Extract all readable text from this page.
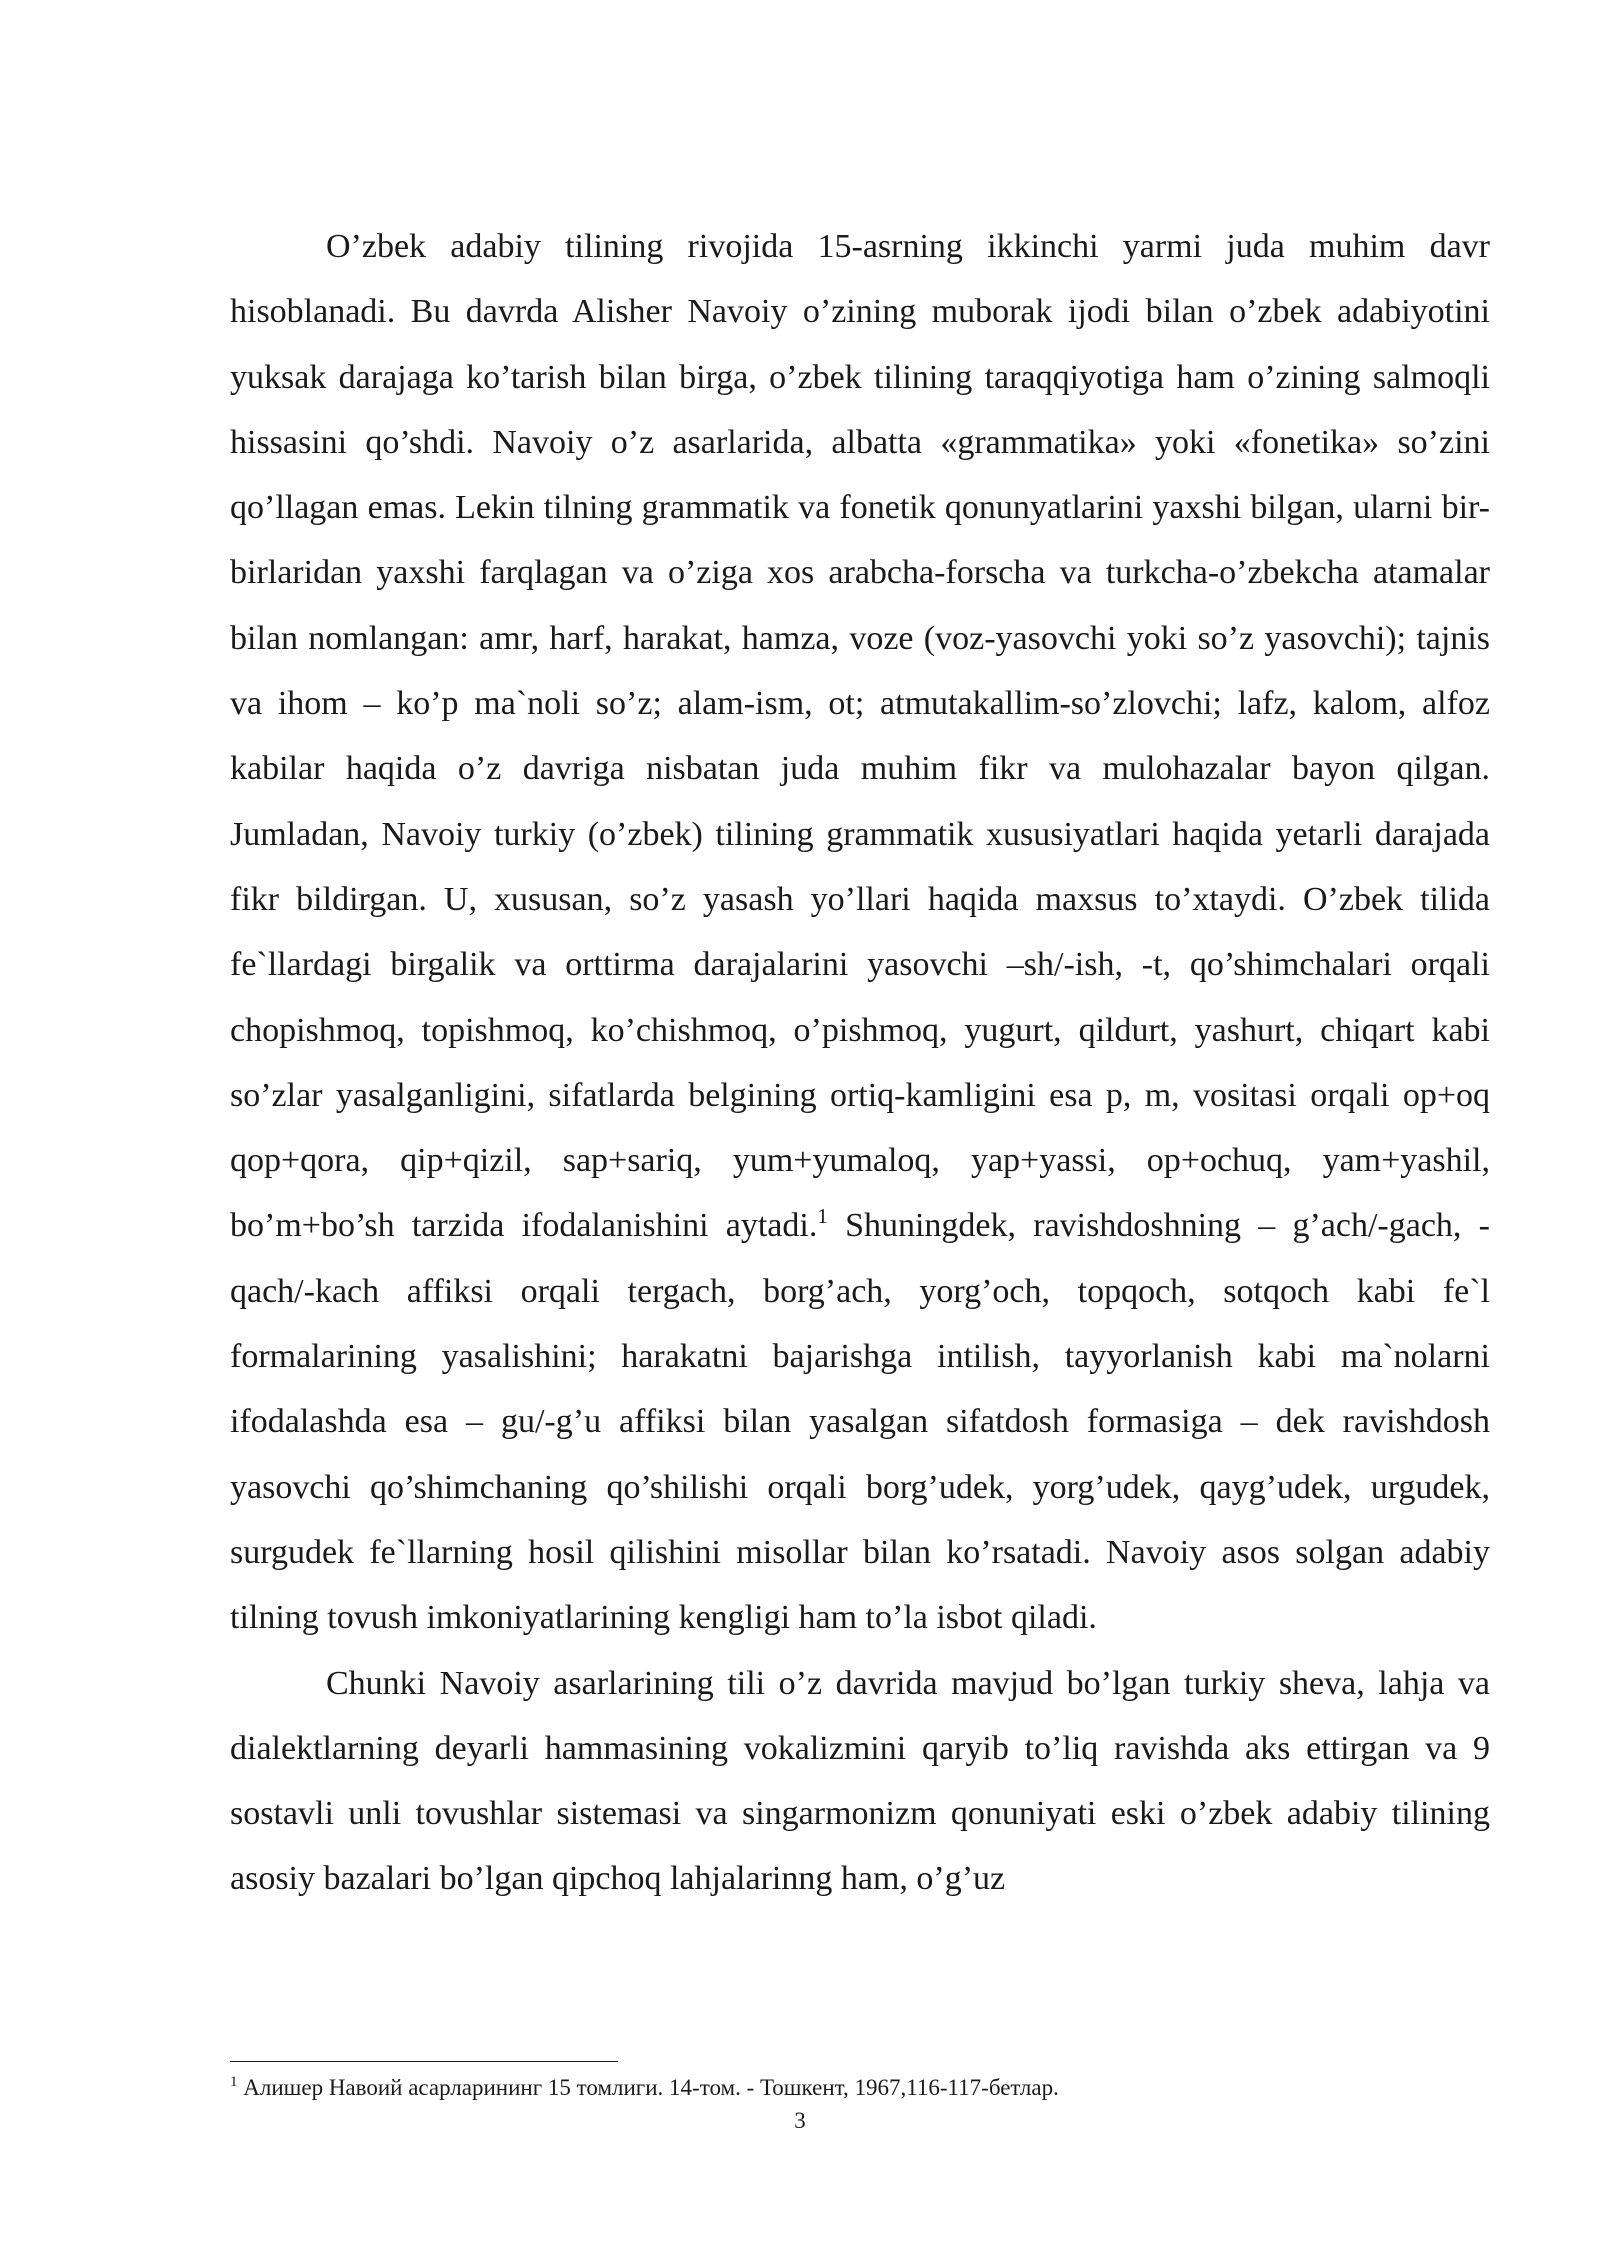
O’zbek adabiy tilining rivojida 15-asrning ikkinchi yarmi juda muhim davr hisoblanadi. Bu davrda Alisher Navoiy o’zining muborak ijodi bilan o’zbek adabiyotini yuksak darajaga ko’tarish bilan birga, o’zbek tilining taraqqiyotiga ham o’zining salmoqli hissasini qo’shdi. Navoiy o’z asarlarida, albatta «grammatika» yoki «fonetika» so’zini qo’llagan emas. Lekin tilning grammatik va fonetik qonunyatlarini yaxshi bilgan, ularni bir-birlaridan yaxshi farqlagan va o’ziga xos arabcha-forscha va turkcha-o’zbekcha atamalar bilan nomlangan: amr, harf, harakat, hamza, voze (voz-yasovchi yoki so’z yasovchi); tajnis va ihom – ko’p ma`noli so’z; alam-ism, ot; atmutakallim-so’zlovchi; lafz, kalom, alfoz kabilar haqida o’z davriga nisbatan juda muhim fikr va mulohazalar bayon qilgan. Jumladan, Navoiy turkiy (o’zbek) tilining grammatik xususiyatlari haqida yetarli darajada fikr bildirgan. U, xususan, so’z yasash yo’llari haqida maxsus to’xtaydi. O’zbek tilida fe`llardagi birgalik va orttirma darajalarini yasovchi –sh/-ish, -t, qo’shimchalari orqali chopishmoq, topishmoq, ko’chishmoq, o’pishmoq, yugurt, qildurt, yashurt, chiqart kabi so’zlar yasalganligini, sifatlarda belgining ortiq-kamligini esa p, m, vositasi orqali op+oq qop+qora, qip+qizil, sap+sariq, yum+yumaloq, yap+yassi, op+ochuq, yam+yashil, bo’m+bo’sh tarzida ifodalanishini aytadi.$^1$ Shuningdek, ravishdoshning – g’ach/-gach, -qach/-kach affiksi orqali tergach, borg’ach, yorg’och, topqoch, sotqoch kabi fe`l formalarining yasalishini; harakatni bajarishga intilish, tayyorlanish kabi ma`nolarni ifodalashda esa – gu/-g’u affiksi bilan yasalgan sifatdosh formasiga – dek ravishdosh yasovchi qo’shimchaning qo’shilishi orqali borg’udek, yorg’udek, qayg’udek, urgudek, surgudek fe`llarning hosil qilishini misollar bilan ko’rsatadi. Navoiy asos solgan adabiy tilning tovush imkoniyatlarining kengligi ham to’la isbot qiladi.

Chunki Navoiy asarlarining tili o’z davrida mavjud bo’lgan turkiy sheva, lahja va dialektlarning deyarli hammasining vokalizmini qaryib to’liq ravishda aks ettirgan va 9 sostavli unli tovushlar sistemasi va singarmonizm qonuniyati eski o’zbek adabiy tilining asosiy bazalari bo’lgan qipchoq lahjalarinng ham, o’g’uz

$^1$ Алишер Навоий асарларининг 15 томлиги. 14-том. - Тошкент, 1967,116-117-бетлар.
3
